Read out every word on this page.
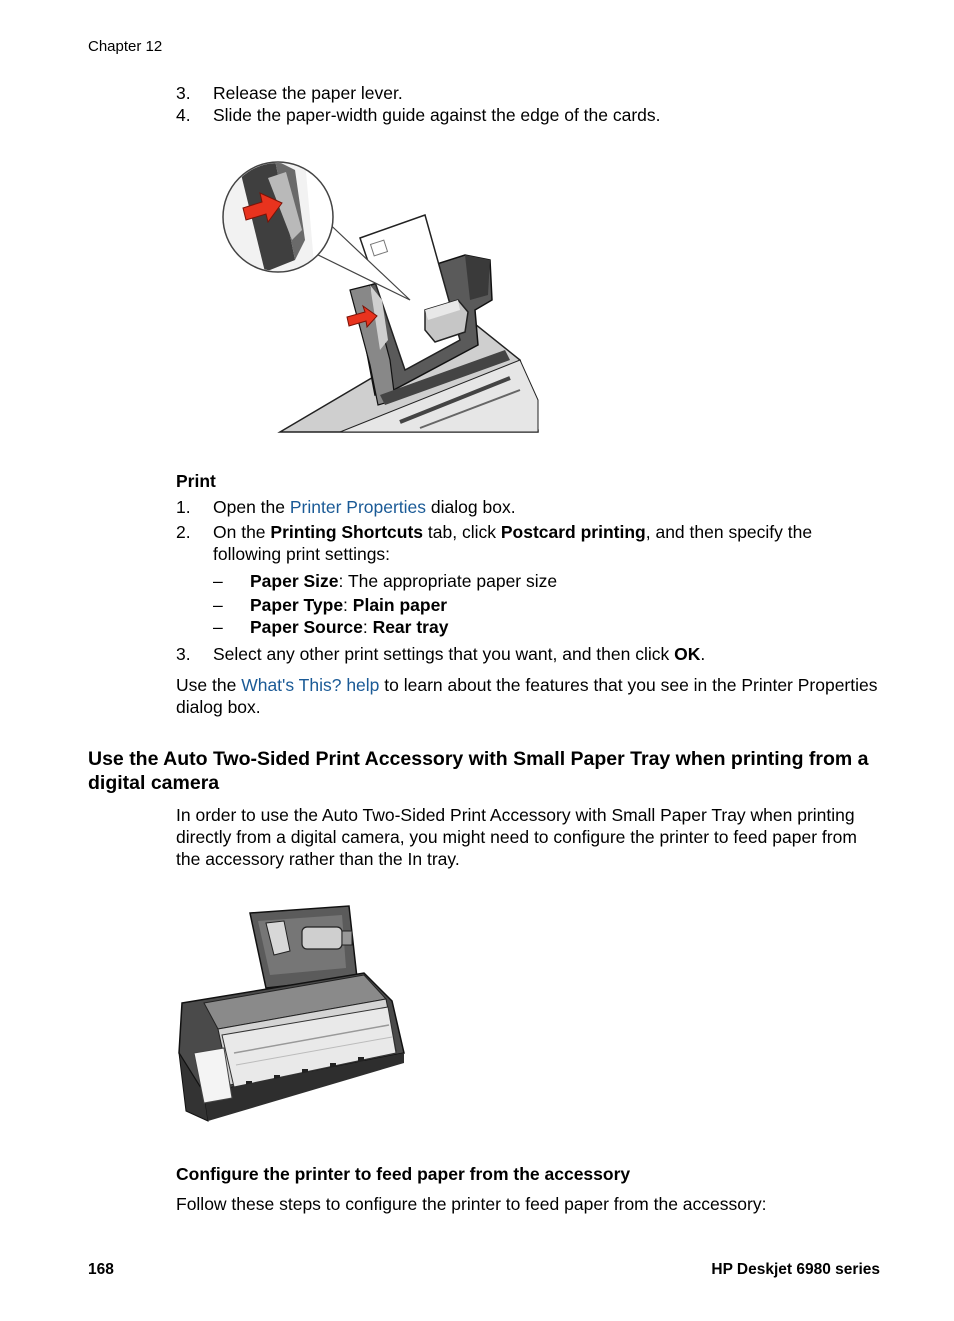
Chapter 12
3. Release the paper lever.
4. Slide the paper-width guide against the edge of the cards.
Print
1. Open the Printer Properties dialog box.
2. On the Printing Shortcuts tab, click Postcard printing, and then specify the following print settings:
– Paper Size: The appropriate paper size
– Paper Type: Plain paper
– Paper Source: Rear tray
3. Select any other print settings that you want, and then click OK.
Use the What's This? help to learn about the features that you see in the Printer Properties dialog box.
Use the Auto Two-Sided Print Accessory with Small Paper Tray when printing from a digital camera
In order to use the Auto Two-Sided Print Accessory with Small Paper Tray when printing directly from a digital camera, you might need to configure the printer to feed paper from the accessory rather than the In tray.
Configure the printer to feed paper from the accessory
Follow these steps to configure the printer to feed paper from the accessory:
168	HP Deskjet 6980 series
